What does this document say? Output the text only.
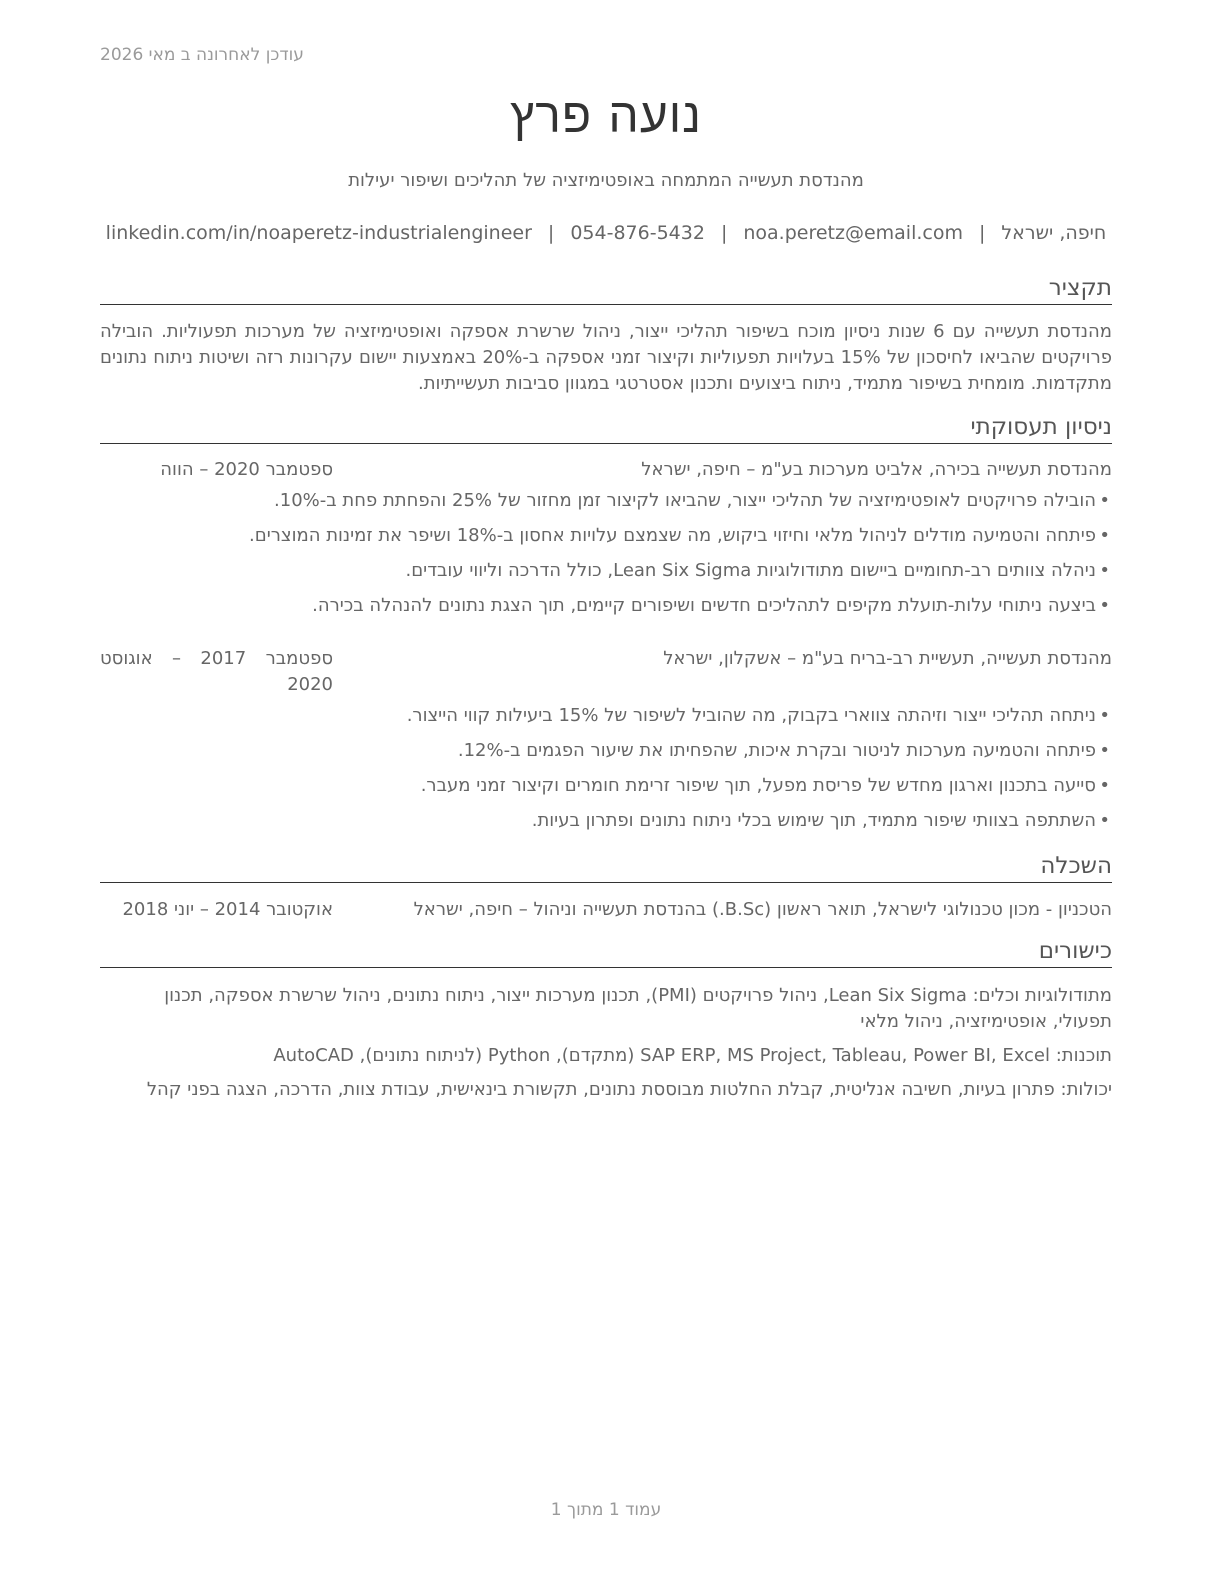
עודכן לאחרונה ב מאי 2026
נועה פרץ
מהנדסת תעשייה המתמחה באופטימיזציה של תהליכים ושיפור יעילות
חיפה, ישראל
|
noa.peretz@email.com
|
054-876-5432
|
linkedin.com/in/noaperetz-industrialengineer
תקציר
מהנדסת תעשייה עם 6 שנות ניסיון מוכח בשיפור תהליכי ייצור, ניהול שרשרת אספקה ואופטימיזציה של מערכות תפעוליות. הובילה פרויקטים שהביאו לחיסכון של 15% בעלויות תפעוליות וקיצור זמני אספקה ב-20% באמצעות יישום עקרונות רזה ושיטות ניתוח נתונים מתקדמות. מומחית בשיפור מתמיד, ניתוח ביצועים ותכנון אסטרטגי במגוון סביבות תעשייתיות.
ניסיון תעסוקתי
מהנדסת תעשייה בכירה, אלביט מערכות בע"מ – חיפה, ישראל
ספטמבר 2020 – הווה
•
הובילה פרויקטים לאופטימיזציה של תהליכי ייצור, שהביאו לקיצור זמן מחזור של 25% והפחתת פחת ב-10%.
•
פיתחה והטמיעה מודלים לניהול מלאי וחיזוי ביקוש, מה שצמצם עלויות אחסון ב-18% ושיפר את זמינות המוצרים.
•
ניהלה צוותים רב-תחומיים ביישום מתודולוגיות Lean Six Sigma, כולל הדרכה וליווי עובדים.
•
ביצעה ניתוחי עלות-תועלת מקיפים לתהליכים חדשים ושיפורים קיימים, תוך הצגת נתונים להנהלה בכירה.
מהנדסת תעשייה, תעשיית רב-בריח בע"מ – אשקלון, ישראל
ספטמבר 2017 – אוגוסט 2020
•
ניתחה תהליכי ייצור וזיהתה צווארי בקבוק, מה שהוביל לשיפור של 15% ביעילות קווי הייצור.
•
פיתחה והטמיעה מערכות לניטור ובקרת איכות, שהפחיתו את שיעור הפגמים ב-12%.
•
סייעה בתכנון וארגון מחדש של פריסת מפעל, תוך שיפור זרימת חומרים וקיצור זמני מעבר.
•
השתתפה בצוותי שיפור מתמיד, תוך שימוש בכלי ניתוח נתונים ופתרון בעיות.
השכלה
הטכניון - מכון טכנולוגי לישראל, תואר ראשון (B.Sc.) בהנדסת תעשייה וניהול – חיפה, ישראל
אוקטובר 2014 – יוני 2018
כישורים
מתודולוגיות וכלים: Lean Six Sigma, ניהול פרויקטים (PMI), תכנון מערכות ייצור, ניתוח נתונים, ניהול שרשרת אספקה, תכנון תפעולי, אופטימיזציה, ניהול מלאי
תוכנות: SAP ERP, MS Project, Tableau, Power BI, Excel (מתקדם), Python (לניתוח נתונים), AutoCAD
יכולות: פתרון בעיות, חשיבה אנליטית, קבלת החלטות מבוססת נתונים, תקשורת בינאישית, עבודת צוות, הדרכה, הצגה בפני קהל
עמוד 1 מתוך 1
